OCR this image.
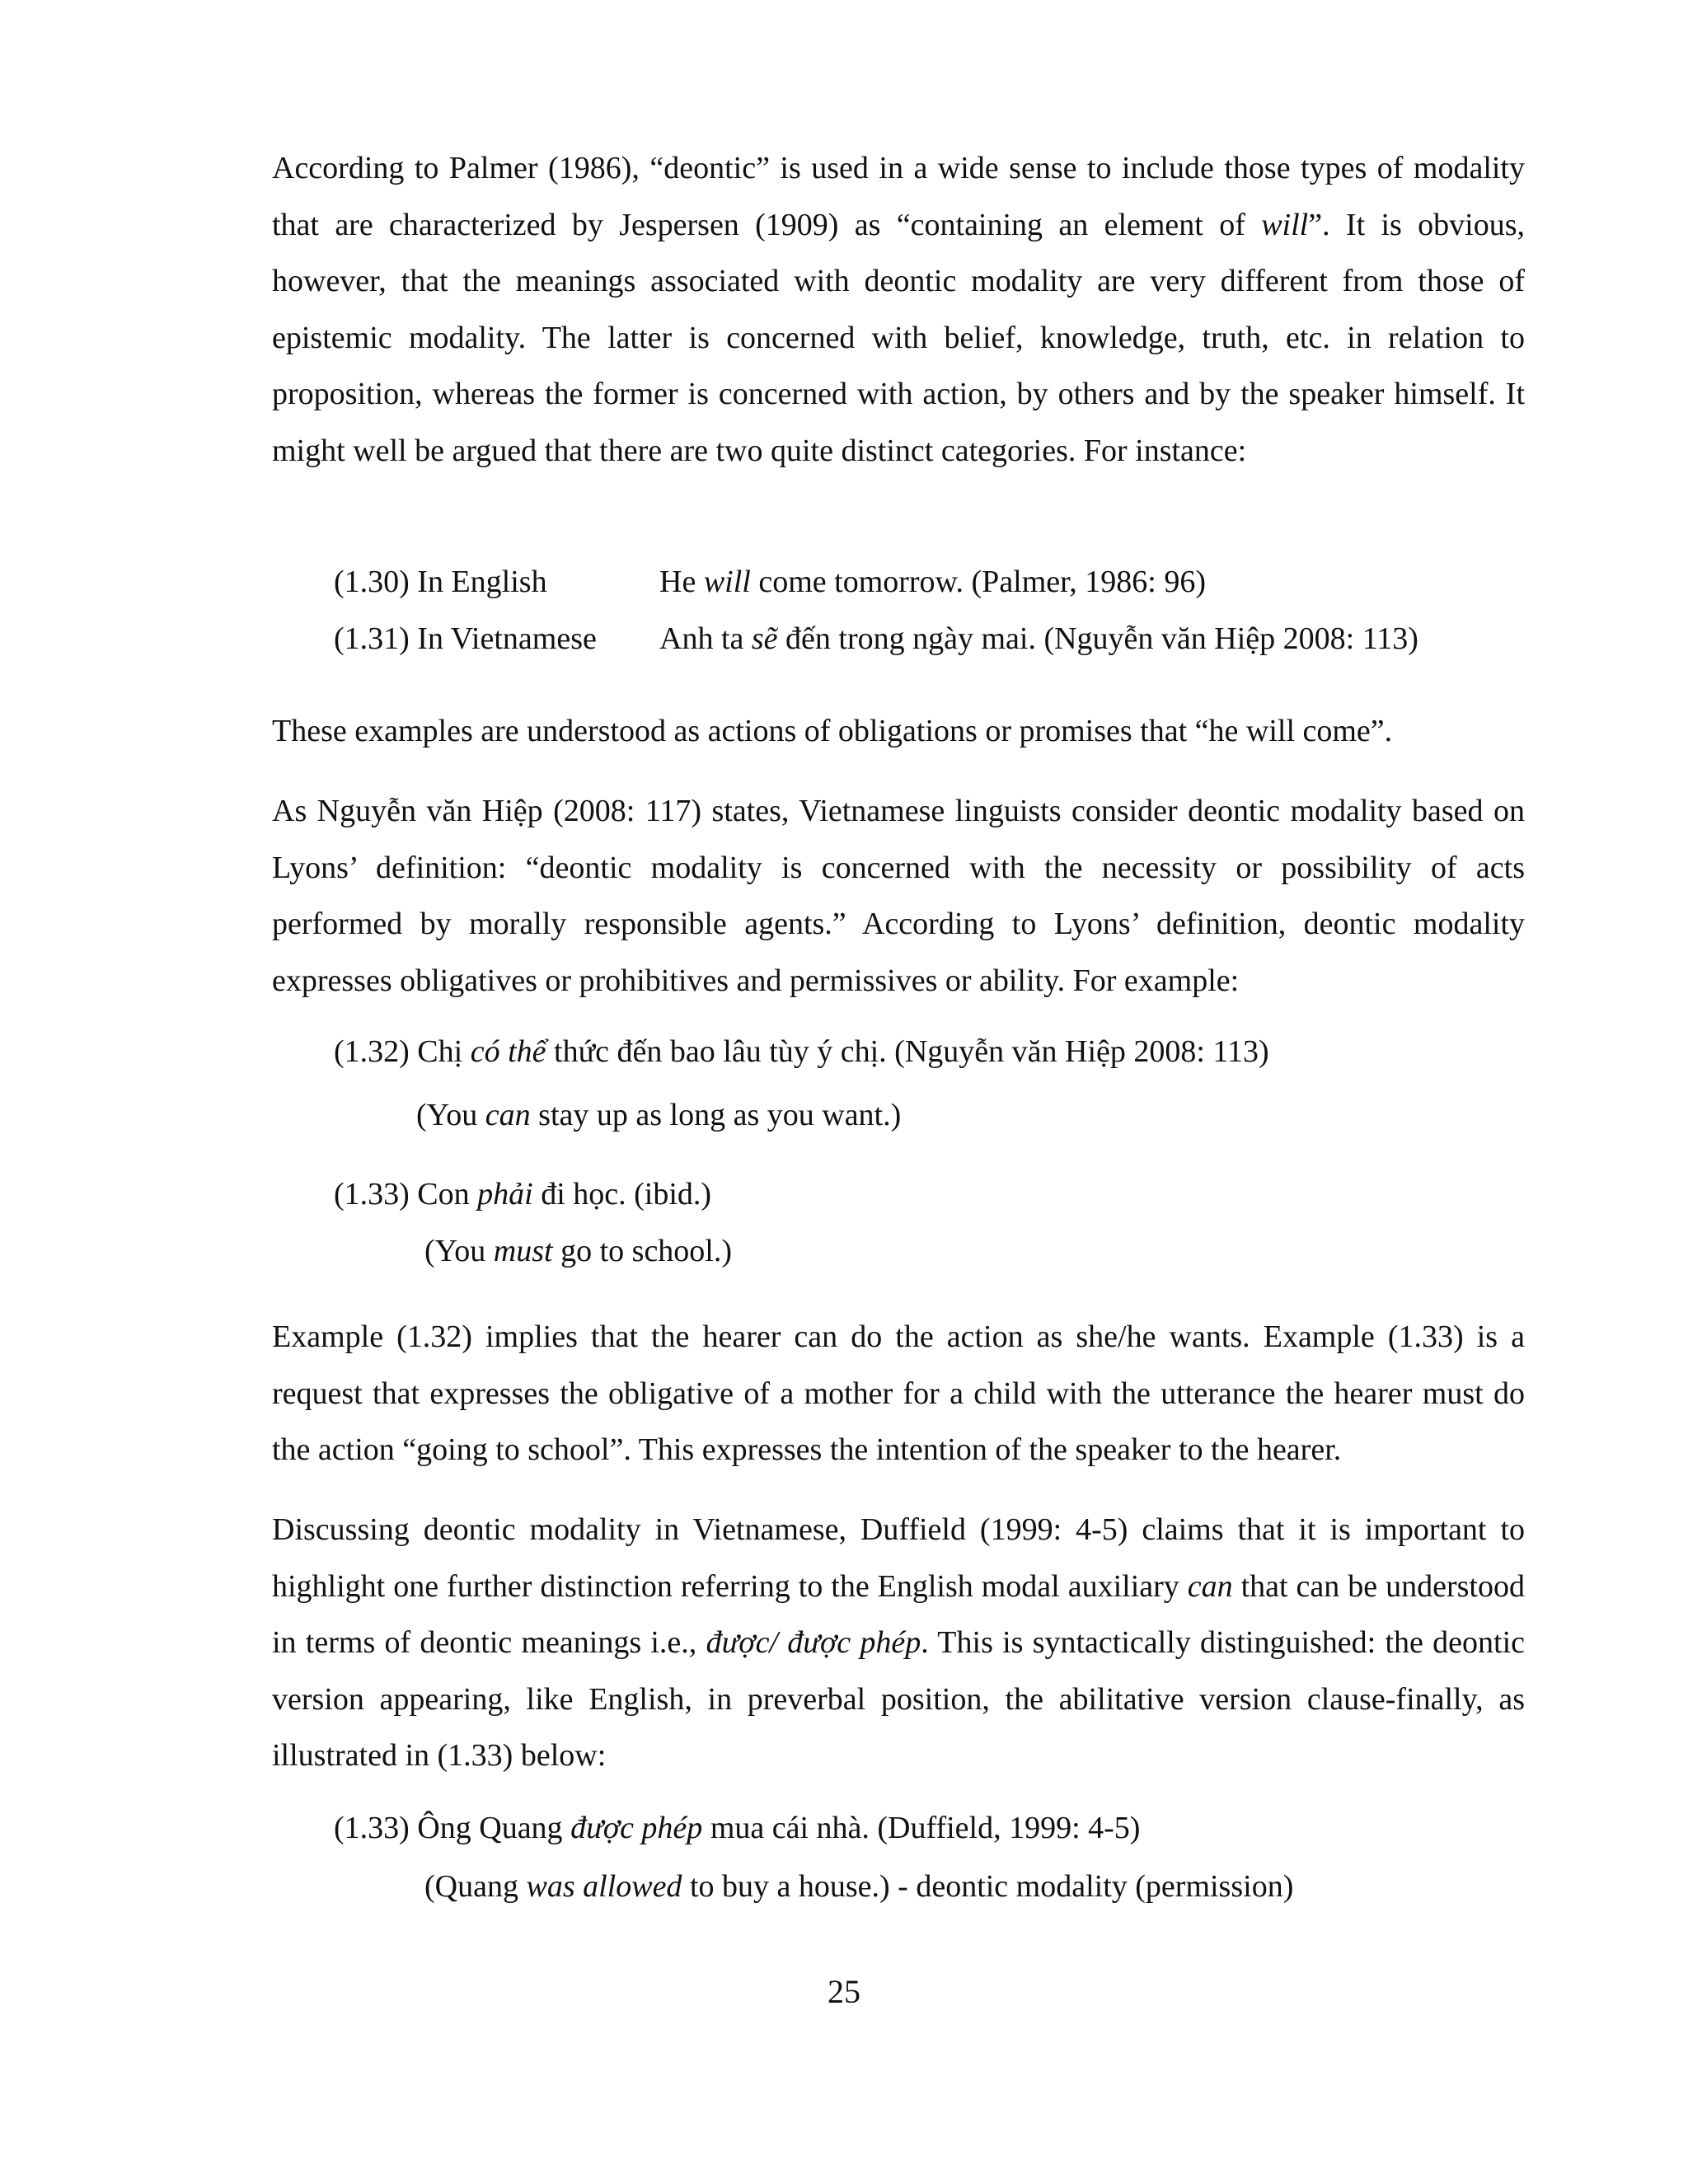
According to Palmer (1986), “deontic” is used in a wide sense to include those types of modality that are characterized by Jespersen (1909) as “containing an element of will”. It is obvious, however, that the meanings associated with deontic modality are very different from those of epistemic modality. The latter is concerned with belief, knowledge, truth, etc. in relation to proposition, whereas the former is concerned with action, by others and by the speaker himself. It might well be argued that there are two quite distinct categories. For instance:

(1.30) In English	He will come tomorrow. (Palmer, 1986: 96)
(1.31) In Vietnamese Anh ta sẽ đến trong ngày mai. (Nguyễn văn Hiệp 2008: 113)

These examples are understood as actions of obligations or promises that “he will come”.

As Nguyễn văn Hiệp (2008: 117) states, Vietnamese linguists consider deontic modality based on Lyons’ definition: “deontic modality is concerned with the necessity or possibility of acts performed by morally responsible agents.” According to Lyons’ definition, deontic modality expresses obligatives or prohibitives and permissives or ability. For example:

(1.32) Chị có thể thức đến bao lâu tùy ý chị. (Nguyễn văn Hiệp 2008: 113)
(You can stay up as long as you want.)
(1.33) Con phải đi học. (ibid.)
(You must go to school.)

Example (1.32) implies that the hearer can do the action as she/he wants. Example (1.33) is a request that expresses the obligative of a mother for a child with the utterance the hearer must do the action “going to school”. This expresses the intention of the speaker to the hearer.

Discussing deontic modality in Vietnamese, Duffield (1999: 4-5) claims that it is important to highlight one further distinction referring to the English modal auxiliary can that can be understood in terms of deontic meanings i.e., được/ được phép. This is syntactically distinguished: the deontic version appearing, like English, in preverbal position, the abilitative version clause-finally, as illustrated in (1.33) below:

(1.33) Ông Quang được phép mua cái nhà. (Duffield, 1999: 4-5)
(Quang was allowed to buy a house.) - deontic modality (permission)
25
